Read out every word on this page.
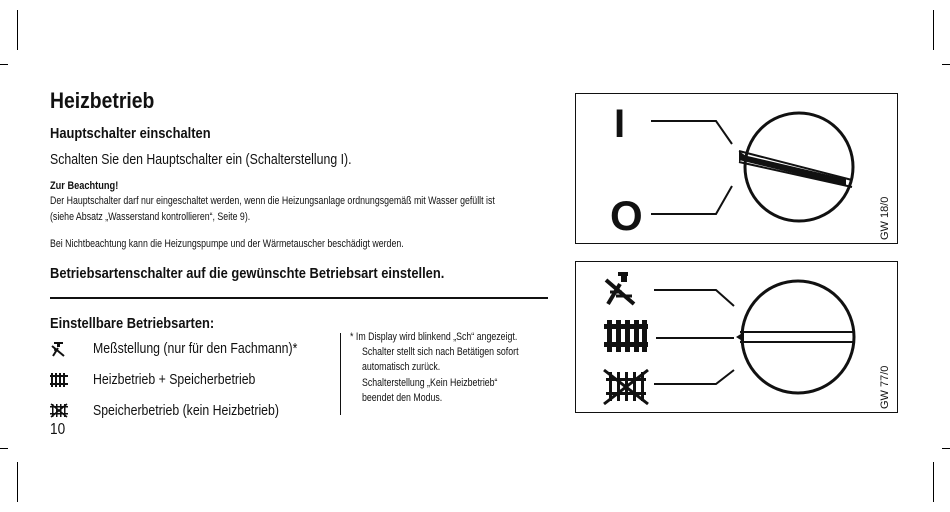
Heizbetrieb
Hauptschalter einschalten
Schalten Sie den Hauptschalter ein (Schalterstellung I).
Zur Beachtung!
Der Hauptschalter darf nur eingeschaltet werden, wenn die Heizungsanlage ordnungsgemäß mit Wasser gefüllt ist
(siehe Absatz „Wasserstand kontrollieren“, Seite 9).
Bei Nichtbeachtung kann die Heizungspumpe und der Wärmetauscher beschädigt werden.
Betriebsartenschalter auf die gewünschte Betriebsart einstellen.
Einstellbare Betriebsarten:
Meßstellung (nur für den Fachmann)*
Heizbetrieb + Speicherbetrieb
Speicherbetrieb (kein Heizbetrieb)
10
* Im Display wird blinkend „Sch“ angezeigt.
Schalter stellt sich nach Betätigen sofort
automatisch zurück.
Schalterstellung „Kein Heizbetrieb“
beendet den Modus.
I
O	GW 18/0
GW 77/0
